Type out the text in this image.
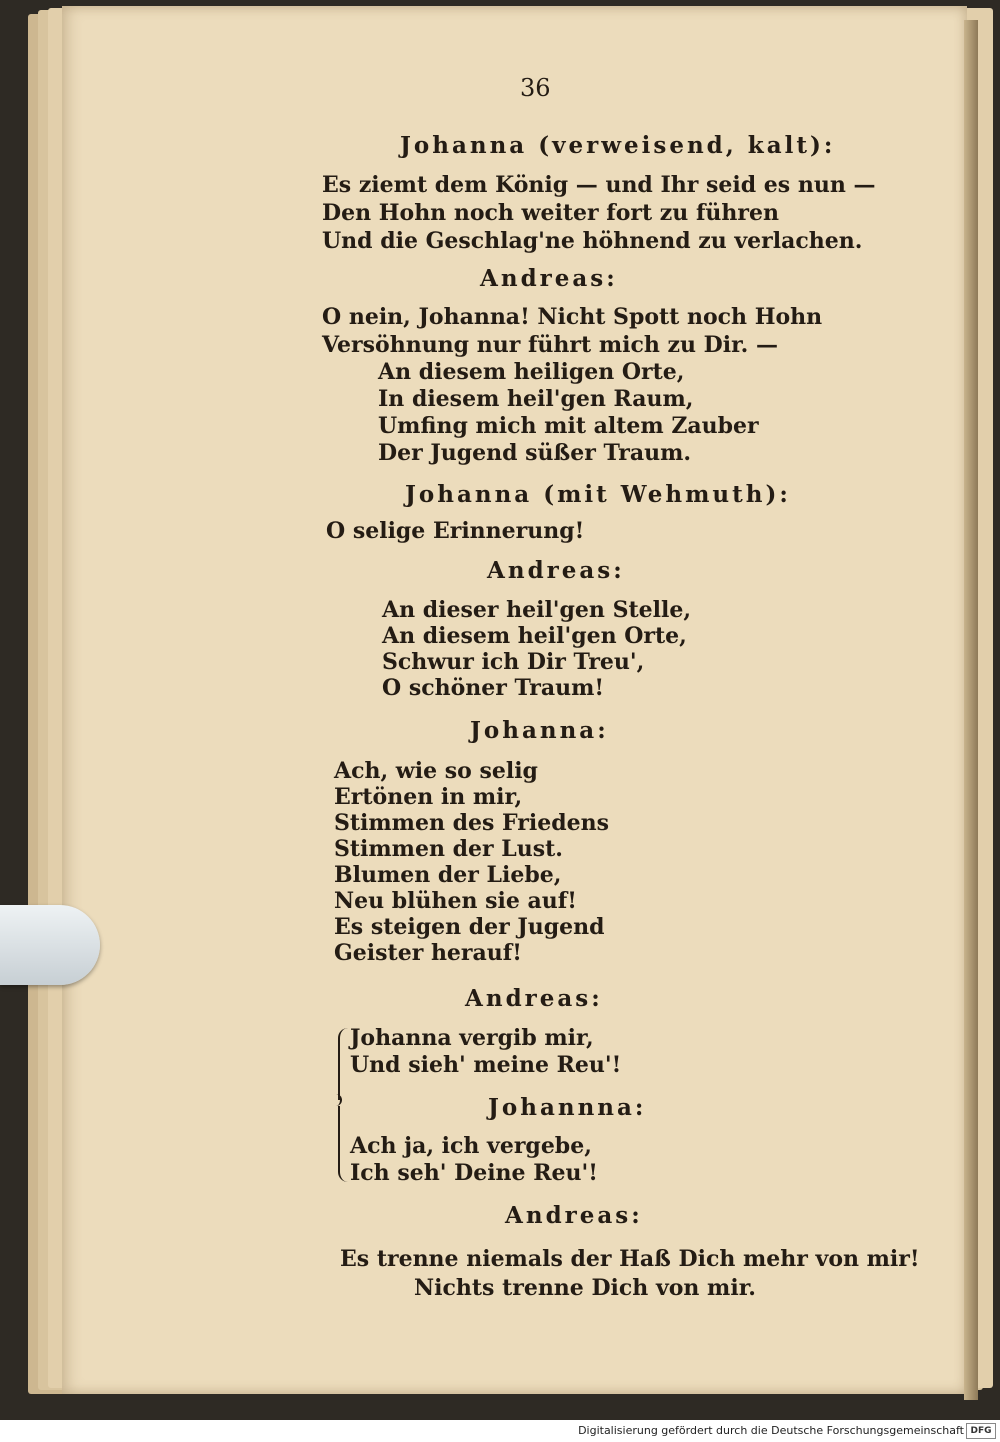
36
Johanna (verweisend, kalt):
Es ziemt dem König — und Ihr seid es nun —
Den Hohn noch weiter fort zu führen
Und die Geschlag'ne höhnend zu verlachen.
Andreas:
O nein, Johanna! Nicht Spott noch Hohn
Versöhnung nur führt mich zu Dir. —
An diesem heiligen Orte,
In diesem heil'gen Raum,
Umfing mich mit altem Zauber
Der Jugend süßer Traum.
Johanna (mit Wehmuth):
O selige Erinnerung!
Andreas:
An dieser heil'gen Stelle,
An diesem heil'gen Orte,
Schwur ich Dir Treu',
O schöner Traum!
Johanna:
Ach, wie so selig
Ertönen in mir,
Stimmen des Friedens
Stimmen der Lust.
Blumen der Liebe,
Neu blühen sie auf!
Es steigen der Jugend
Geister herauf!
Andreas:
Johanna vergib mir,
Und sieh' meine Reu'!
Johannna:
Ach ja, ich vergebe,
Ich seh' Deine Reu'!
Andreas:
Es trenne niemals der Haß Dich mehr von mir!
Nichts trenne Dich von mir.
Digitalisierung gefördert durch die Deutsche Forschungsgemeinschaft DFG
